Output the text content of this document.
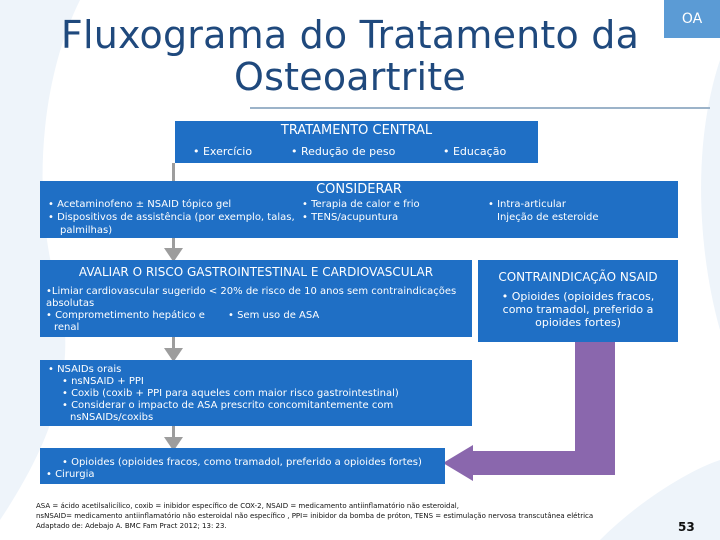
OA
Fluxograma do Tratamento da
Osteoartrite
TRATAMENTO CENTRAL
• Exercício	• Redução de peso	• Educação
CONSIDERAR
• Acetaminofeno ± NSAID tópico gel
• Dispositivos de assistência (por exemplo, talas,
palmilhas)
• Terapia de calor e frio
• TENS/acupuntura
• Intra-articular
Injeção de esteroide
AVALIAR O RISCO GASTROINTESTINAL E CARDIOVASCULAR
•Limiar cardiovascular sugerido < 20% de risco de 10 anos sem contraindicações
absolutas
• Comprometimento hepático e
renal
• Sem uso de ASA
CONTRAINDICAÇÃO NSAID
• Opioides (opioides fracos,
como tramadol, preferido a
opioides fortes)
• NSAIDs orais
• nsNSAID + PPI
• Coxib (coxib + PPI para aqueles com maior risco gastrointestinal)
• Considerar o impacto de ASA prescrito concomitantemente com
nsNSAIDs/coxibs
• Opioides (opioides fracos, como tramadol, preferido a opioides fortes)
• Cirurgia
ASA = ácido acetilsalicílico, coxib = inibidor específico de COX-2, NSAID = medicamento antiinflamatório não esteroidal,
nsNSAID= medicamento antiinflamatório não esteroidal não específico , PPI= inibidor da bomba de próton, TENS = estimulação nervosa transcutânea elétrica
Adaptado de: Adebajo A. BMC Fam Pract 2012; 13: 23.	53
